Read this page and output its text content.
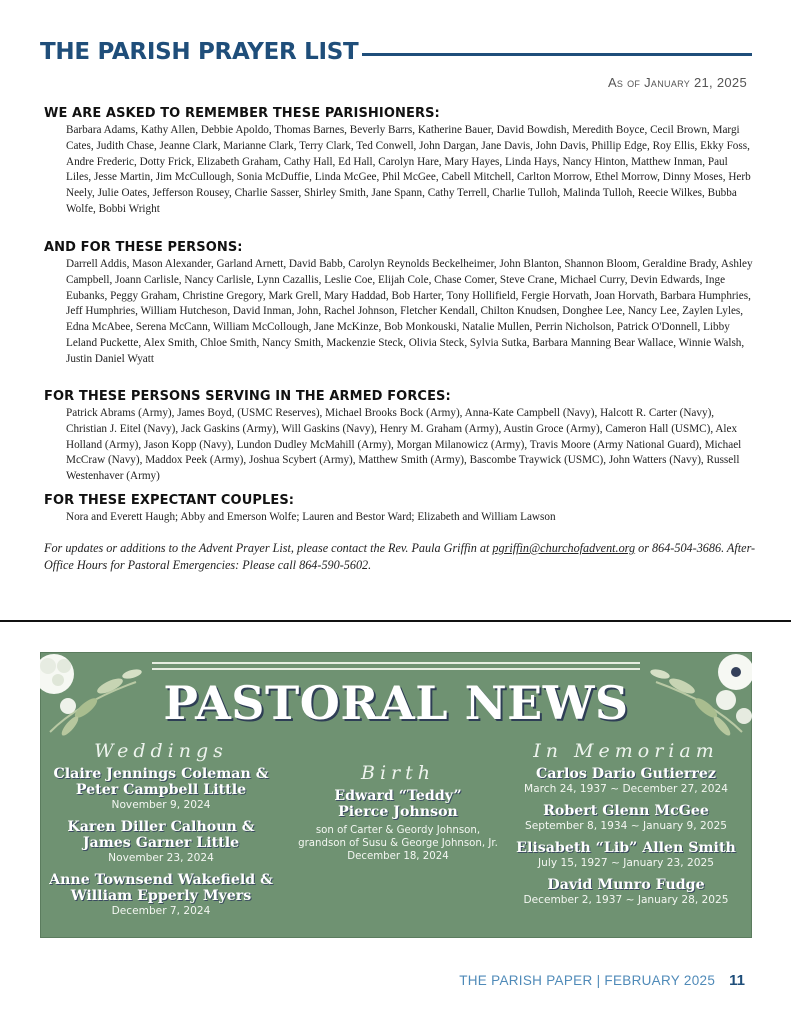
THE PARISH PRAYER LIST
As of January 21, 2025
WE ARE ASKED TO REMEMBER THESE PARISHIONERS:

Barbara Adams, Kathy Allen, Debbie Apoldo, Thomas Barnes, Beverly Barrs, Katherine Bauer, David Bowdish, Meredith Boyce, Cecil Brown, Margi Cates, Judith Chase, Jeanne Clark, Marianne Clark, Terry Clark, Ted Conwell, John Dargan, Jane Davis, John Davis, Phillip Edge, Roy Ellis, Ekky Foss, Andre Frederic, Dotty Frick, Elizabeth Graham, Cathy Hall, Ed Hall, Carolyn Hare, Mary Hayes, Linda Hays, Nancy Hinton, Matthew Inman, Paul Liles, Jesse Martin, Jim McCullough, Sonia McDuffie, Linda McGee, Phil McGee, Cabell Mitchell, Carlton Morrow, Ethel Morrow, Dinny Moses, Herb Neely, Julie Oates, Jefferson Rousey, Charlie Sasser, Shirley Smith, Jane Spann, Cathy Terrell, Charlie Tulloh, Malinda Tulloh, Reecie Wilkes, Bubba Wolfe, Bobbi Wright

AND FOR THESE PERSONS:

Darrell Addis, Mason Alexander, Garland Arnett, David Babb, Carolyn Reynolds Beckelheimer, John Blanton, Shannon Bloom, Geraldine Brady, Ashley Campbell, Joann Carlisle, Nancy Carlisle, Lynn Cazallis, Leslie Coe, Elijah Cole, Chase Comer, Steve Crane, Michael Curry, Devin Edwards, Inge Eubanks, Peggy Graham, Christine Gregory, Mark Grell, Mary Haddad, Bob Harter, Tony Hollifield, Fergie Horvath, Joan Horvath, Barbara Humphries, Jeff Humphries, William Hutcheson, David Inman, John, Rachel Johnson, Fletcher Kendall, Chilton Knudsen, Donghee Lee, Nancy Lee, Zaylen Lyles, Edna McAbee, Serena McCann, William McCollough, Jane McKinze, Bob Monkouski, Natalie Mullen, Perrin Nicholson, Patrick O'Donnell, Libby Leland Puckette, Alex Smith, Chloe Smith, Nancy Smith, Mackenzie Steck, Olivia Steck, Sylvia Sutka, Barbara Manning Bear Wallace, Winnie Walsh, Justin Daniel Wyatt

FOR THESE PERSONS SERVING IN THE ARMED FORCES:

Patrick Abrams (Army), James Boyd, (USMC Reserves), Michael Brooks Bock (Army), Anna-Kate Campbell (Navy), Halcott R. Carter (Navy), Christian J. Eitel (Navy), Jack Gaskins (Army), Will Gaskins (Navy), Henry M. Graham (Army), Austin Groce (Army), Cameron Hall (USMC), Alex Holland (Army), Jason Kopp (Navy), Lundon Dudley McMahill (Army), Morgan Milanowicz (Army), Travis Moore (Army National Guard), Michael McCraw (Navy), Maddox Peek (Army), Joshua Scybert (Army), Matthew Smith (Army), Bascombe Traywick (USMC), John Watters (Navy), Russell Westenhaver (Army)

FOR THESE EXPECTANT COUPLES:

Nora and Everett Haugh; Abby and Emerson Wolfe; Lauren and Bestor Ward; Elizabeth and William Lawson

For updates or additions to the Advent Prayer List, please contact the Rev. Paula Griffin at pgriffin@churchofadvent.org or 864-504-3686. After-Office Hours for Pastoral Emergencies: Please call 864-590-5602.
PASTORAL NEWS
Weddings
Claire Jennings Coleman &
Peter Campbell Little
November 9, 2024
Karen Diller Calhoun &
James Garner Little
November 23, 2024
Anne Townsend Wakefield &
William Epperly Myers
December 7, 2024
Birth
Edward “Teddy”
Pierce Johnson
son of Carter & Geordy Johnson,
grandson of Susu & George Johnson, Jr.
December 18, 2024
In Memoriam
Carlos Dario Gutierrez
March 24, 1937 ~ December 27, 2024
Robert Glenn McGee
September 8, 1934 ~ January 9, 2025
Elisabeth “Lib” Allen Smith
July 15, 1927 ~ January 23, 2025
David Munro Fudge
December 2, 1937 ~ January 28, 2025
THE PARISH PAPER | FEBRUARY 2025 11
